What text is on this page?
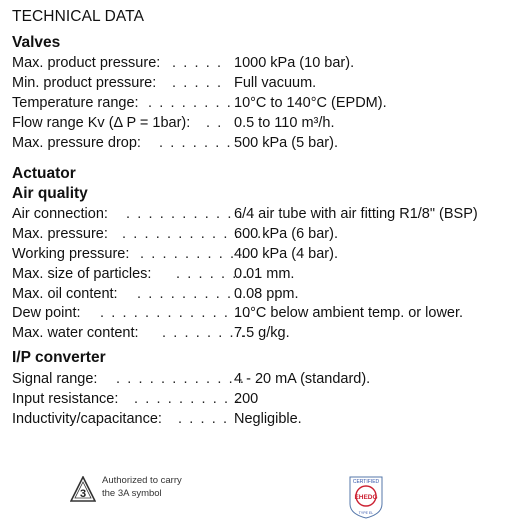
TECHNICAL DATA
Valves
Max. product pressure: . . . . . 1000 kPa (10 bar).
Min. product pressure: . . . . . Full vacuum.
Temperature range: . . . . . . . . 10°C to 140°C (EPDM).
Flow range Kv (Δ P = 1bar): . . 0.5 to 110 m³/h.
Max. pressure drop: . . . . . . . 500 kPa (5 bar).
Actuator
Air quality
Air connection: . . . . . . . . . . . .
6/4 air tube with air fitting R1/8" (BSP)
Max. pressure: . . . . . . . . . . . . .
600 kPa (6 bar).
Working pressure: . . . . . . . . . . .
400 kPa (4 bar).
Max. size of particles: . . . . . . .
0.01 mm.
Max. oil content: . . . . . . . . . .
0.08 ppm.
Dew point: . . . . . . . . . . . . . .
10°C below ambient temp. or lower.
Max. water content: . . . . . . . .
7.5 g/kg.
I/P converter
Signal range: . . . . . . . . . . . .
4 - 20 mA (standard).
Input resistance: . . . . . . . . . .
200
Inductivity/capacitance: . . . . . Negligible.
3
Authorized to carry
the 3A symbol
CERTIFIED
EHEDG
TYPE EL
